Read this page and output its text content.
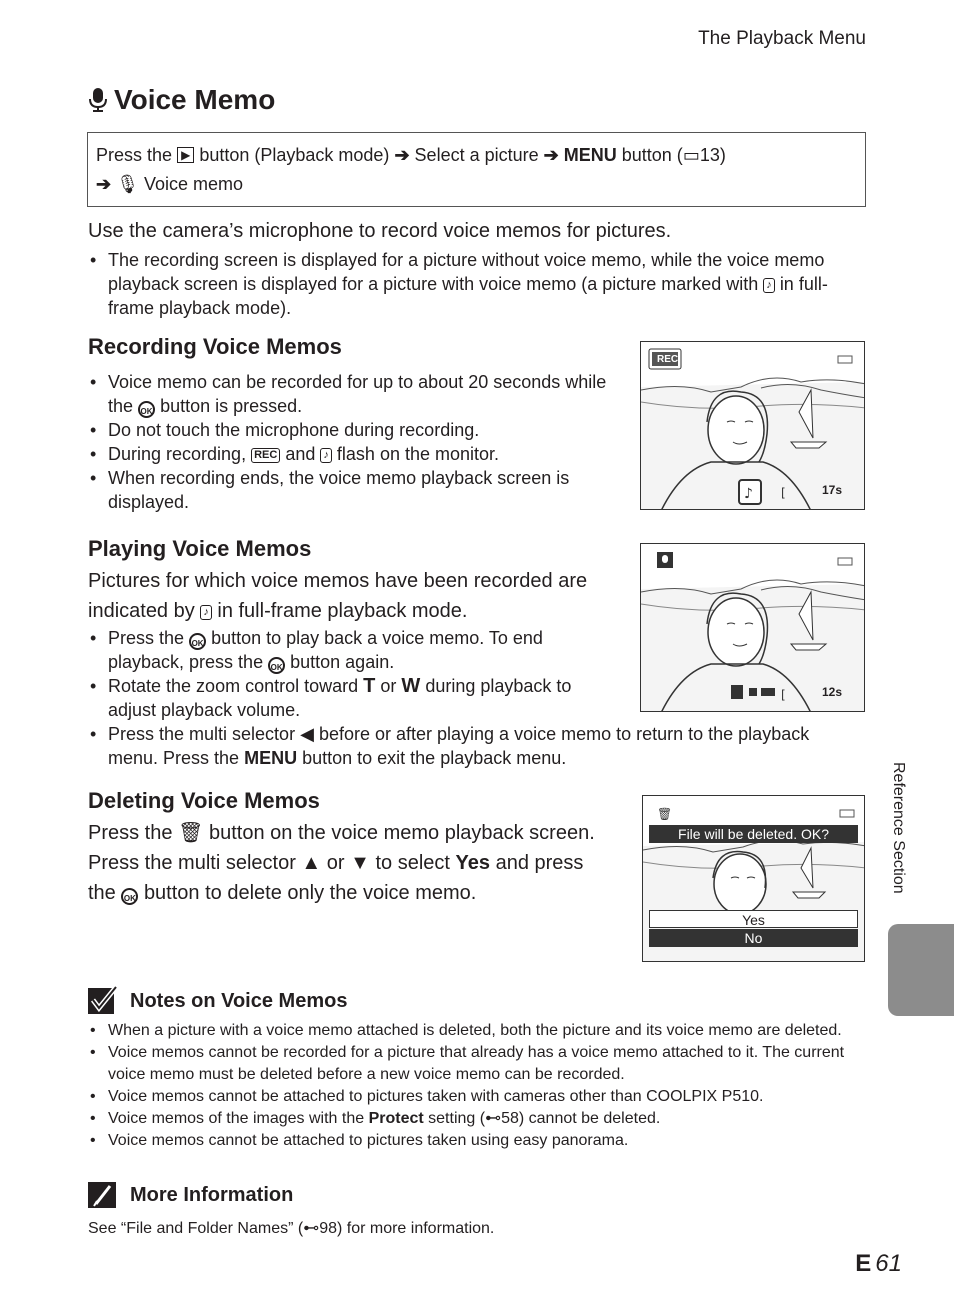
The Playback Menu
Voice Memo
Press the ▶ button (Playback mode) ➔ Select a picture ➔ MENU button (▭13)
➔ 🎙 Voice memo
Use the camera’s microphone to record voice memos for pictures.
• The recording screen is displayed for a picture without voice memo, while the voice memo playback screen is displayed for a picture with voice memo (a picture marked with ♪ in full-frame playback mode).
Recording Voice Memos
• Voice memo can be recorded for up to about 20 seconds while the OK button is pressed.
• Do not touch the microphone during recording.
• During recording, REC and ♪ flash on the monitor.
• When recording ends, the voice memo playback screen is displayed.	♪ [
REC
17s
Playing Voice Memos
Pictures for which voice memos have been recorded are indicated by ♪ in full-frame playback mode.
• Press the OK button to play back a voice memo. To end playback, press the OK button again.
• Rotate the zoom control toward T or W during playback to adjust playback volume.
• Press the multi selector ◀ before or after playing a voice memo to return to the playback menu. Press the MENU button to exit the playback menu.
[	12s
Deleting Voice Memos
Press the 🗑 button on the voice memo playback screen. Press the multi selector ▲ or ▼ to select Yes and press the OK button to delete only the voice memo.
🗑
File will be deleted. OK?
Yes
No
Reference Section
Notes on Voice Memos
• When a picture with a voice memo attached is deleted, both the picture and its voice memo are deleted.
• Voice memos cannot be recorded for a picture that already has a voice memo attached to it. The current voice memo must be deleted before a new voice memo can be recorded.
• Voice memos cannot be attached to pictures taken with cameras other than COOLPIX P510.
• Voice memos of the images with the Protect setting (⊷58) cannot be deleted.
• Voice memos cannot be attached to pictures taken using easy panorama.
More Information
See “File and Folder Names” (⊷98) for more information.
E 61
